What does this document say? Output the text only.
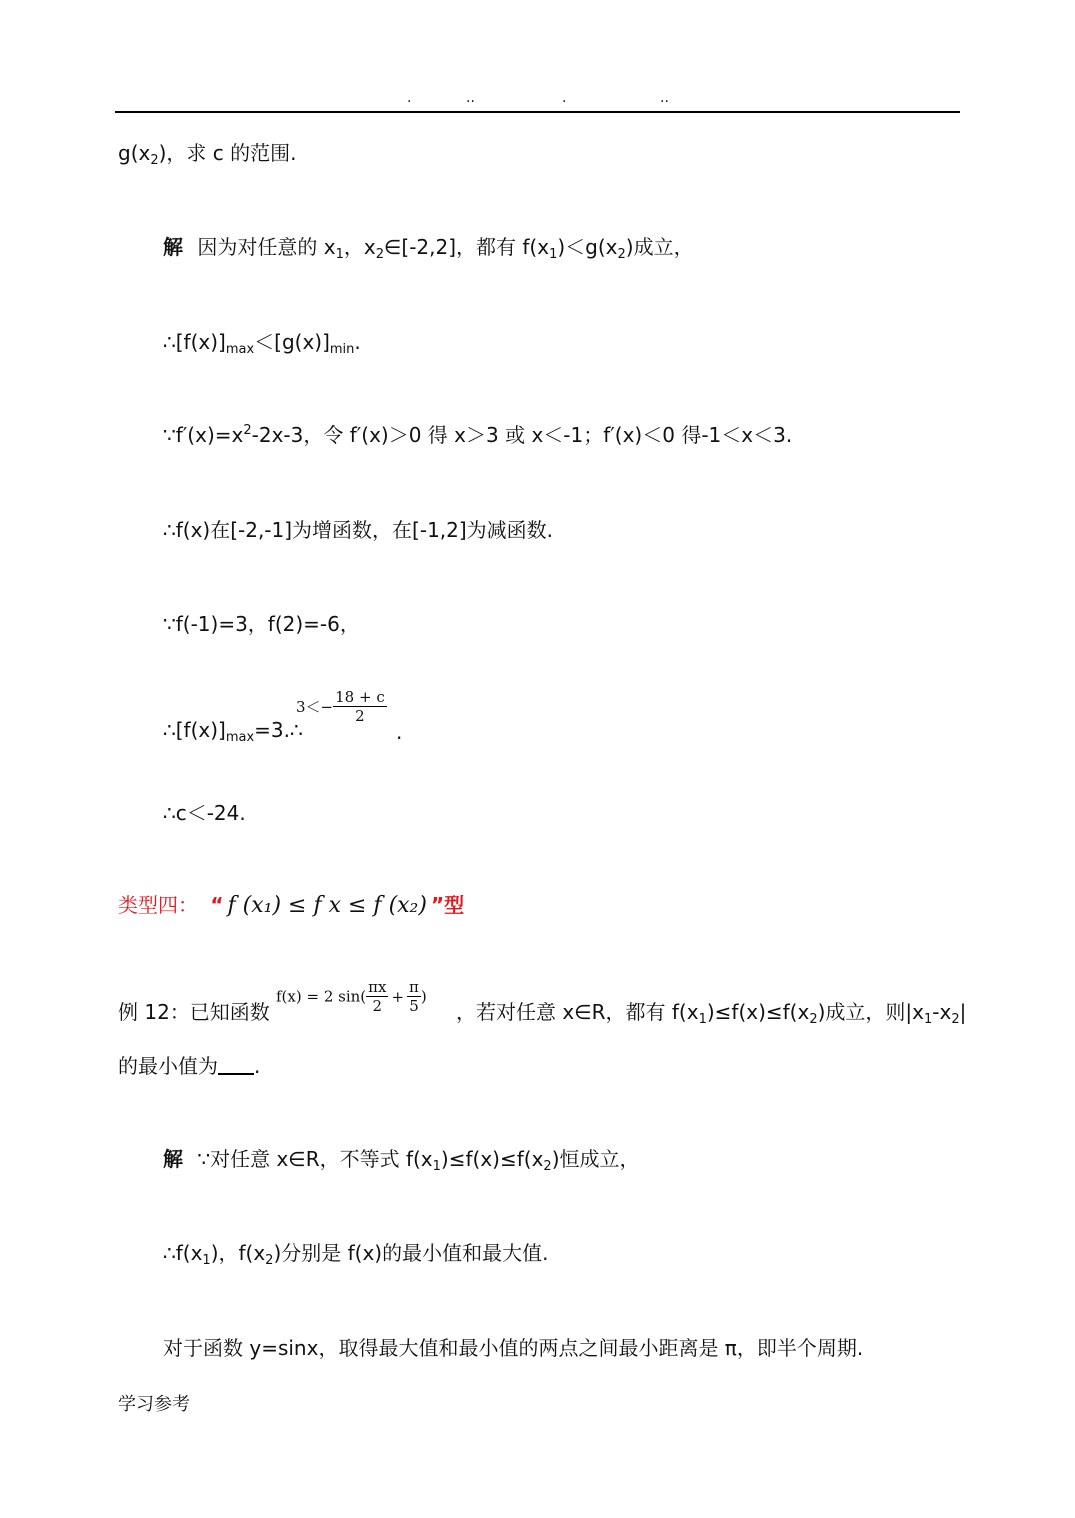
.	..	.	..
$g(x_2)$，求 c 的范围.
解 因为对任意的 $x_1$，$x_2\in[-2,2]$，都有 $f(x_1)<g(x_2)$成立，
$\therefore[f(x)]_{max}<[g(x)]_{min}$.
$\because f'(x)=x^2-2x-3$，令 f′(x)＞0 得 x＞3 或 x＜-1；f′(x)＜0 得-1＜x＜3.
∴f(x)在[-2,-1]为增函数，在[-1,2]为减函数.
∵f(-1)=3，f(2)=-6，
$\therefore[f(x)]_{max}=3.\therefore$
$3<- \frac{18 + c}{2}$
.
∴c＜-24.
类型四： “ f (x₁) ≤ f x ≤ f (x₂) ”型
例 12：已知函数
f(x) = 2 $\sin( \frac{\pi x}{2} + \frac{\pi}{5}$ )
，若对任意 x∈R，都有 $f(x_1)\le f(x)\le f(x_2)$成立，则$|x_1-x_2|$
的最小值为 .
解 ∵对任意 x∈R，不等式 $f(x_1)\le f(x)\le f(x_2)$恒成立，
$\therefore f(x_1)$，$f(x_2)$分别是 f(x)的最小值和最大值.
对于函数 y=sinx，取得最大值和最小值的两点之间最小距离是 π，即半个周期.
学习参考
